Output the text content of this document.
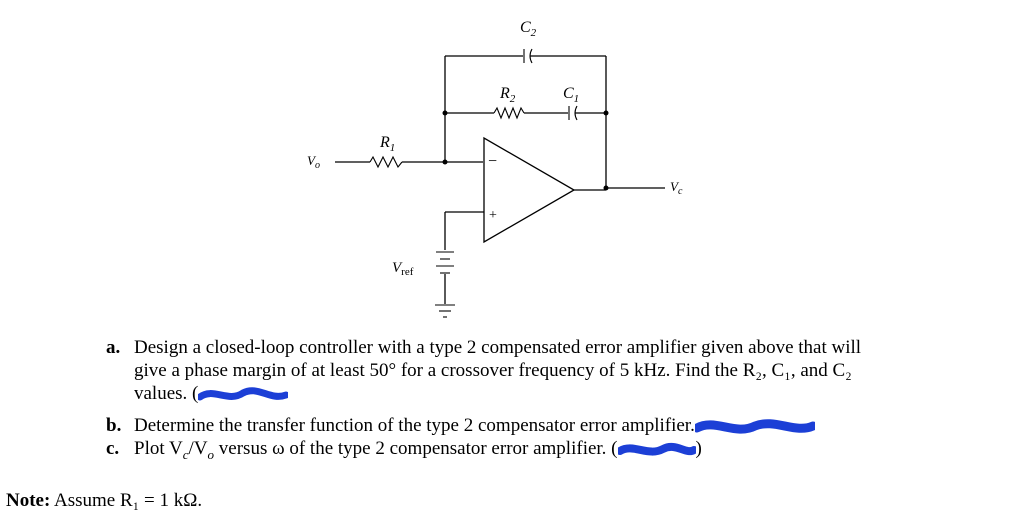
−
+
$V_o$
$R_1$
$R_2$	$C_1$
$C_2$
$V_c$
$V_{ref}$
a. Design a closed-loop controller with a type 2 compensated error amplifier given above that will
give a phase margin of at least 50° for a crossover frequency of 5 kHz. Find the R₂, C₁, and C₂
values. (
b. Determine the transfer function of the type 2 compensator error amplifier.
c. Plot $V_c/V_o$ versus ω of the type 2 compensator error amplifier. (	)
Note: Assume R₁ = 1 kΩ.
